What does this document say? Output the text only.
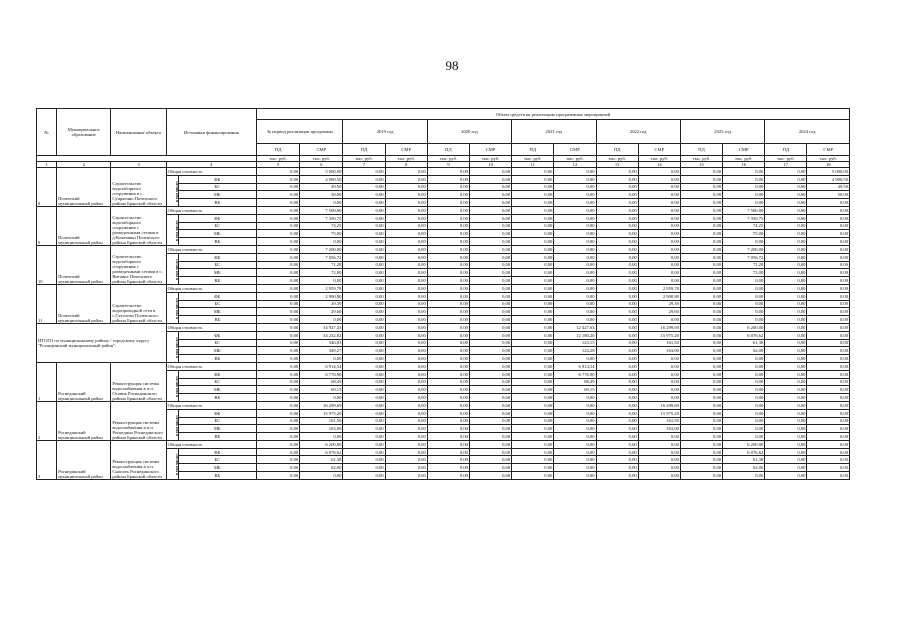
98
№	Муниципальное образование	Наименование объекта	Источники финансирования		Объем средств на реализацию программных мероприятий													
					За период реализации программы		2019 год		2020 год		2021 год		2022 год		2023 год		2024 год	
					ПД	СМР	ПД	СМР	ПД	СМР	ПД	СМР	ПД	СМР	ПД	СМР	ПД	СМР
					тыс. руб.	тыс. руб.	тыс. руб.	тыс. руб.	тыс. руб.	тыс. руб.	тыс. руб.	тыс. руб.	тыс. руб.	тыс. руб.	тыс. руб.	тыс. руб.	тыс. руб.	тыс. руб.
1	2	3	4		5	6	7	8	9	10	11	12	13	14	15	16	17	18
8	Почепский муниципальный район	Строительство водозаборного сооружения в с. Супрягино Почепского района Брянской области	Общая стоимость		0,00	5 000,00	0,00	0,00	0,00	0,00	0,00	0,00	0,00	0,00	0,00	0,00	0,00	5 000,00
			в том числе:	ФБ	0,00	4 900,50	0,00	0,00	0,00	0,00	0,00	0,00	0,00	0,00	0,00	0,00	0,00	4 900,50
				БС	0,00	49,50	0,00	0,00	0,00	0,00	0,00	0,00	0,00	0,00	0,00	0,00	0,00	49,50
				МБ	0,00	50,00	0,00	0,00	0,00	0,00	0,00	0,00	0,00	0,00	0,00	0,00	0,00	50,00
				ВБ	0,00	0,00	0,00	0,00	0,00	0,00	0,00	0,00	0,00	0,00	0,00	0,00	0,00	0,00
9	Почепский муниципальный район	Строительство водозаборного сооружения с разведочными сетями в д.Кожемяки Почепского района Брянской области	Общая стоимость		0,00	7 500,00	0,00	0,00	0,00	0,00	0,00	0,00	0,00	0,00	0,00	7 500,00	0,00	0,00
			в том числе:	ФБ	0,00	7 350,75	0,00	0,00	0,00	0,00	0,00	0,00	0,00	0,00	0,00	7 350,75	0,00	0,00
				БС	0,00	74,25	0,00	0,00	0,00	0,00	0,00	0,00	0,00	0,00	0,00	74,25	0,00	0,00
				МБ	0,00	75,00	0,00	0,00	0,00	0,00	0,00	0,00	0,00	0,00	0,00	75,00	0,00	0,00
				ВБ	0,00	0,00	0,00	0,00	0,00	0,00	0,00	0,00	0,00	0,00	0,00	0,00	0,00	0,00
10	Почепский муниципальный район	Строительство водозаборного сооружения с разведочными сетями в с. Витовка Почепского района Брянской области	Общая стоимость		0,00	7 200,00	0,00	0,00	0,00	0,00	0,00	0,00	0,00	0,00	0,00	7 200,00	0,00	0,00
			в том числе:	ФБ	0,00	7 056,72	0,00	0,00	0,00	0,00	0,00	0,00	0,00	0,00	0,00	7 056,72	0,00	0,00
				БС	0,00	71,28	0,00	0,00	0,00	0,00	0,00	0,00	0,00	0,00	0,00	71,28	0,00	0,00
				МБ	0,00	72,00	0,00	0,00	0,00	0,00	0,00	0,00	0,00	0,00	0,00	72,00	0,00	0,00
				ВБ	0,00	0,00	0,00	0,00	0,00	0,00	0,00	0,00	0,00	0,00	0,00	0,00	0,00	0,00
11	Почепский муниципальный район	Строительство водопроводной сети в с.Сетолово Почепского района Брянской области	Общая стоимость		0,00	2 959,78	0,00	0,00	0,00	0,00	0,00	0,00	0,00	2 959,78	0,00	0,00	0,00	0,00
			в том числе:	ФБ	0,00	2 900,80	0,00	0,00	0,00	0,00	0,00	0,00	0,00	2 900,80	0,00	0,00	0,00	0,00
				БС	0,00	29,39	0,00	0,00	0,00	0,00	0,00	0,00	0,00	29,39	0,00	0,00	0,00	0,00
				МБ	0,00	29,60	0,00	0,00	0,00	0,00	0,00	0,00	0,00	29,60	0,00	0,00	0,00	0,00
				ВБ	0,00	0,00	0,00	0,00	0,00	0,00	0,00	0,00	0,00	0,00	0,00	0,00	0,00	0,00
ИТОГО по муниципальному району / городскому округу "Рогнединский муниципальный район":			Общая стоимость		0,00	34 927,33	0,00	0,00	0,00	0,00	0,00	12 427,63	0,00	16 299,69	0,00	6 200,00	0,00	0,00
			в том числе:	ФБ	0,00	34 232,02	0,00	0,00	0,00	0,00	0,00	12 180,20	0,00	15 975,20	0,00	6 076,62	0,00	0,00
				БС	0,00	346,03	0,00	0,00	0,00	0,00	0,00	123,15	0,00	161,50	0,00	61,38	0,00	0,00
				МБ	0,00	349,27	0,00	0,00	0,00	0,00	0,00	124,28	0,00	163,00	0,00	62,00	0,00	0,00
				ВБ	0,00	0,00	0,00	0,00	0,00	0,00	0,00	0,00	0,00	0,00	0,00	0,00	0,00	0,00
1	Рогнединский муниципальный район	Реконструкция системы водоснабжения в п.п. Осовик Рогнединского района Брянской области	Общая стоимость		0,00	6 914,54	0,00	0,00	0,00	0,00	0,00	6 914,54	0,00	0,00	0,00	0,00	0,00	0,00
			в том числе:	ФБ	0,00	6 776,90	0,00	0,00	0,00	0,00	0,00	6 776,90	0,00	0,00	0,00	0,00	0,00	0,00
				БС	0,00	68,49	0,00	0,00	0,00	0,00	0,00	68,49	0,00	0,00	0,00	0,00	0,00	0,00
				МБ	0,00	69,15	0,00	0,00	0,00	0,00	0,00	69,15	0,00	0,00	0,00	0,00	0,00	0,00
				ВБ	0,00	0,00	0,00	0,00	0,00	0,00	0,00	0,00	0,00	0,00	0,00	0,00	0,00	0,00
2	Рогнединский муниципальный район	Реконструкция системы водоснабжения в п.п. Рогнедино Рогнединского района Брянской области	Общая стоимость		0,00	16 299,69	0,00	0,00	0,00	0,00	0,00	0,00	0,00	16 299,69	0,00	0,00	0,00	0,00
			в том числе:	ФБ	0,00	15 975,20	0,00	0,00	0,00	0,00	0,00	0,00	0,00	15 975,20	0,00	0,00	0,00	0,00
				БС	0,00	161,50	0,00	0,00	0,00	0,00	0,00	0,00	0,00	161,50	0,00	0,00	0,00	0,00
				МБ	0,00	163,00	0,00	0,00	0,00	0,00	0,00	0,00	0,00	163,00	0,00	0,00	0,00	0,00
				ВБ	0,00	0,00	0,00	0,00	0,00	0,00	0,00	0,00	0,00	0,00	0,00	0,00	0,00	0,00
3	Рогнединский муниципальный район	Реконструкция системы водоснабжения в п.п. Снопоть Рогнединского района Брянской области	Общая стоимость		0,00	6 200,00	0,00	0,00	0,00	0,00	0,00	0,00	0,00	0,00	0,00	6 200,00	0,00	0,00
			в том числе:	ФБ	0,00	6 076,62	0,00	0,00	0,00	0,00	0,00	0,00	0,00	0,00	0,00	6 076,62	0,00	0,00
				БС	0,00	61,38	0,00	0,00	0,00	0,00	0,00	0,00	0,00	0,00	0,00	61,38	0,00	0,00
				МБ	0,00	62,00	0,00	0,00	0,00	0,00	0,00	0,00	0,00	0,00	0,00	62,00	0,00	0,00
				ВБ	0,00	0,00	0,00	0,00	0,00	0,00	0,00	0,00	0,00	0,00	0,00	0,00	0,00	0,00
